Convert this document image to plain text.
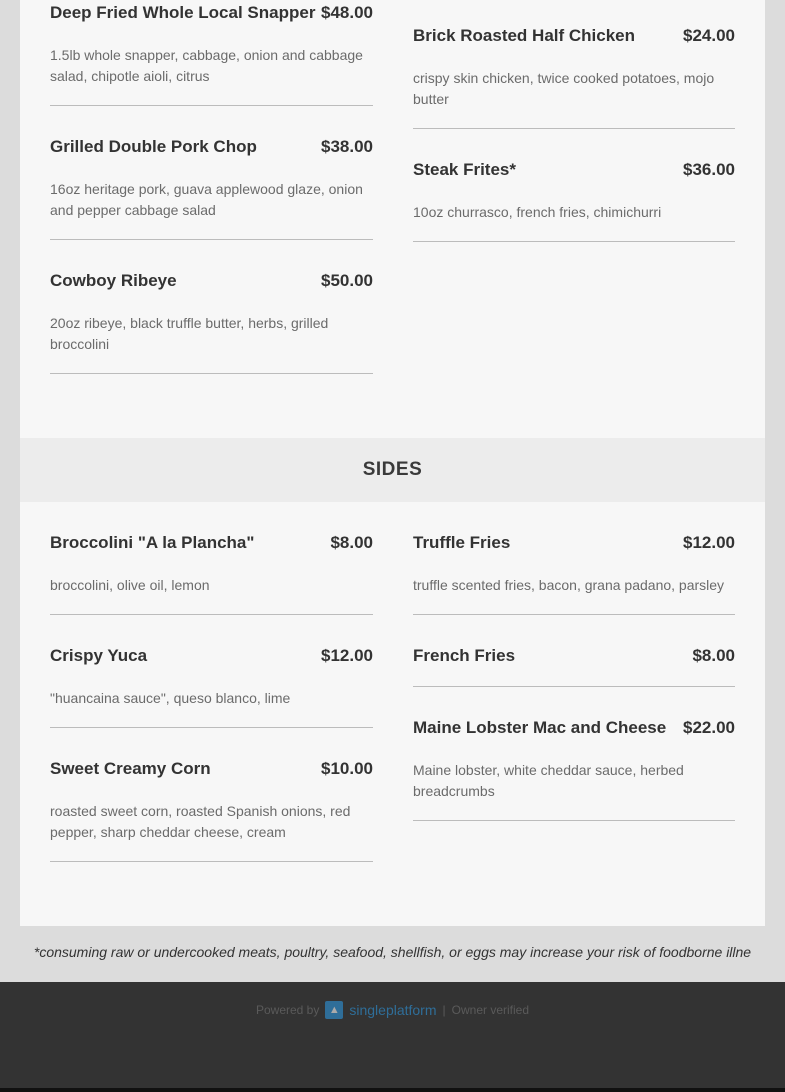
SIDES
Deep Fried Whole Local Snapper $48.00
1.5lb whole snapper, cabbage, onion and cabbage salad, chipotle aioli, citrus
Grilled Double Pork Chop	$38.00
16oz heritage pork, guava applewood glaze, onion and pepper cabbage salad
Cowboy Ribeye	$50.00
20oz ribeye, black truffle butter, herbs, grilled broccolini
Brick Roasted Half Chicken	$24.00
crispy skin chicken, twice cooked potatoes, mojo butter
Steak Frites*	$36.00
10oz churrasco, french fries, chimichurri
Broccolini "A la Plancha"	$8.00
broccolini, olive oil, lemon
Crispy Yuca	$12.00
"huancaina sauce", queso blanco, lime
Sweet Creamy Corn	$10.00
roasted sweet corn, roasted Spanish onions, red pepper, sharp cheddar cheese, cream
Truffle Fries	$12.00
truffle scented fries, bacon, grana padano, parsley
French Fries	$8.00
Maine Lobster Mac and Cheese $22.00
Maine lobster, white cheddar sauce, herbed breadcrumbs
*consuming raw or undercooked meats, poultry, seafood, shellfish, or eggs may increase your risk of foodborne illne
Powered by ▲ singleplatform | Owner verified
